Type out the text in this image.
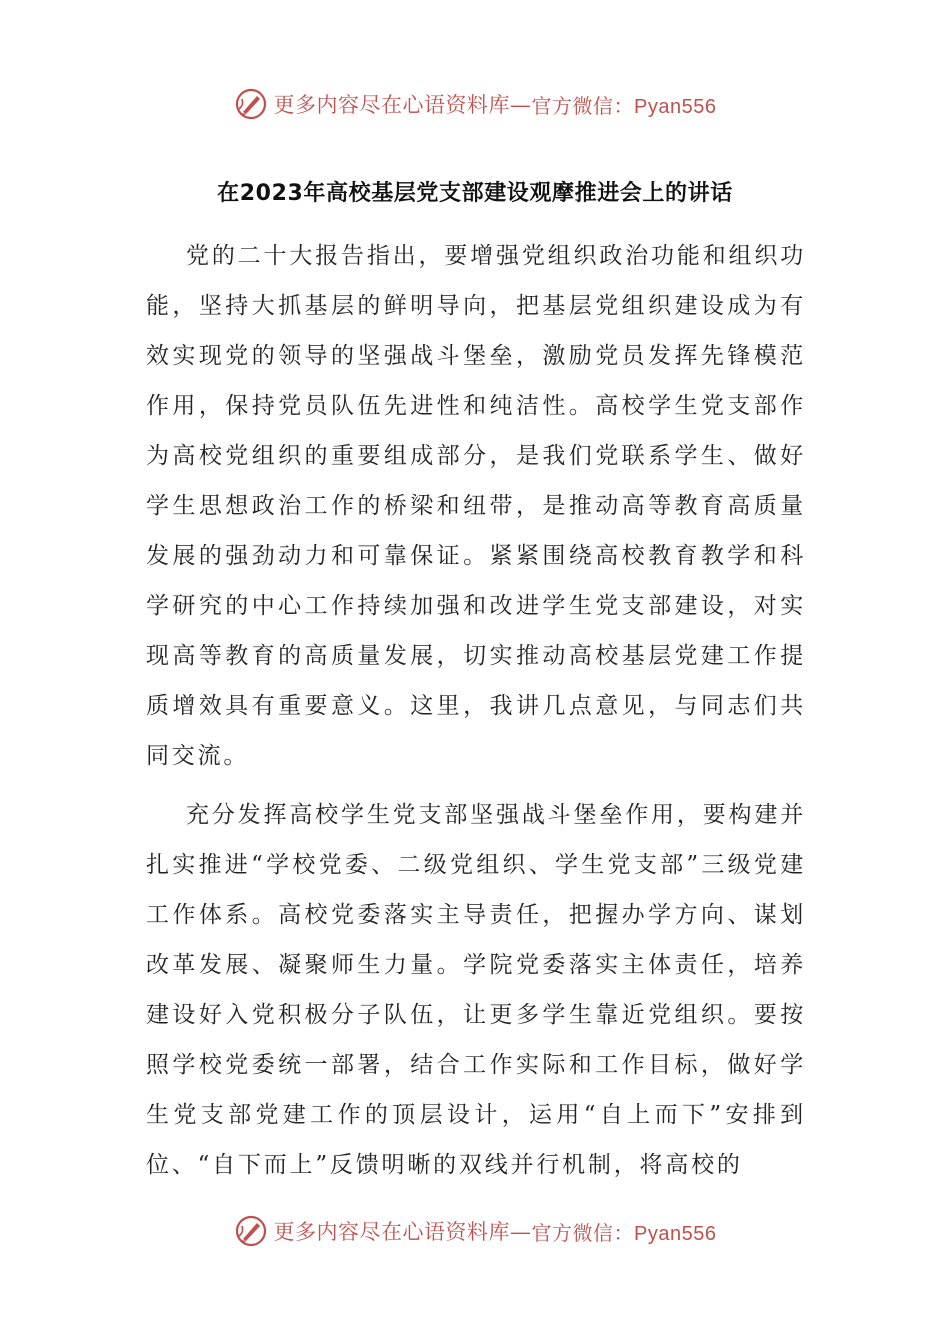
更多内容尽在心语资料库— 官方微信：Pyan556
在2023年高校基层党支部建设观摩推进会上的讲话

党的二十大报告指出，要增强党组织政治功能和组织功能，坚持大抓基层的鲜明导向，把基层党组织建设成为有效实现党的领导的坚强战斗堡垒，激励党员发挥先锋模范作用，保持党员队伍先进性和纯洁性。高校学生党支部作为高校党组织的重要组成部分，是我们党联系学生、做好学生思想政治工作的桥梁和纽带，是推动高等教育高质量发展的强劲动力和可靠保证。紧紧围绕高校教育教学和科学研究的中心工作持续加强和改进学生党支部建设，对实现高等教育的高质量发展，切实推动高校基层党建工作提质增效具有重要意义。这里，我讲几点意见，与同志们共同交流。

充分发挥高校学生党支部坚强战斗堡垒作用，要构建并扎实推进“学校党委、二级党组织、学生党支部”三级党建工作体系。高校党委落实主导责任，把握办学方向、谋划改革发展、凝聚师生力量。学院党委落实主体责任，培养建设好入党积极分子队伍，让更多学生靠近党组织。要按照学校党委统一部署，结合工作实际和工作目标，做好学生党支部党建工作的顶层设计，运用“自上而下”安排到位、“自下而上”反馈明晰的双线并行机制，将高校的

更多内容尽在心语资料库— 官方微信：Pyan556
